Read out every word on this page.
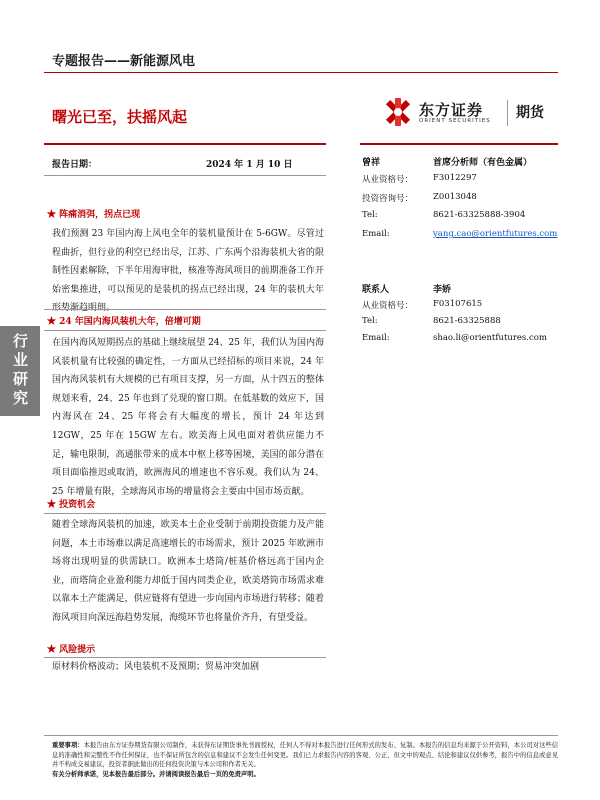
专题报告——新能源风电
曙光已至，扶摇风起	东方证券
ORIENT SECURITIES 期货
报告日期：	2024 年 1 月 10 日
行业研究
★ 阵痛消弭，拐点已现
我们预测 23 年国内海上风电全年的装机量预计在 5-6GW。尽管过程曲折，但行业的利空已经出尽，江苏、广东两个沿海装机大省的限制性因素解除，下半年用海审批，核准等海风项目的前期准备工作开始密集推进，可以预见的是装机的拐点已经出现，24 年的装机大年
★ 24 年国内海风装机大年，倍增可期
在国内海风短期拐点的基础上继续展望 24、25 年，我们认为国内海风装机量有比较强的确定性，一方面从已经招标的项目来说，24 年国内海风装机有大规模的已有项目支撑，另一方面，从十四五的整体规划来看，24、25 年也到了兑现的窗口期。在低基数的效应下，国内海风在 24、25 年将会有大幅度的增长，预计 24 年达到 12GW，25 年在 15GW 左右。欧美海上风电面对着供应能力不足，输电限制，高通胀带来的成本中枢上移等困境，美国的部分潜在项目面临推迟或取消，欧洲海风的增速也不容乐观。我们认为 24、25 年增量有限，全球海风市场的增量将会主要由中国市场贡献。
★ 投资机会
随着全球海风装机的加速，欧美本土企业受制于前期投资能力及产能问题，本土市场难以满足高速增长的市场需求，预计 2025 年欧洲市场将出现明显的供需缺口。欧洲本土塔筒/桩基价格远高于国内企业，而塔筒企业盈利能力却低于国内同类企业，欧美塔筒市场需求难以靠本土产能满足，供应链将有望进一步向国内市场进行转移；随着海风项目向深远海趋势发展，海缆环节也将量价齐升，有望受益。
★ 风险提示
原材料价格波动；风电装机不及预期；贸易冲突加剧
曾祥	首席分析师（有色金属）
从业资格号： F3012297
投资咨询号： Z0013048
Tel:	8621-63325888-3904
Email:	yang.cao@orientfutures.com
联系人	李娇
从业资格号： F03107615
Tel:	8621-63325888
Email:	shao.li@orientfutures.com
重要事项：本报告由东方证券期货有限公司制作，未获得东证期货事先书面授权，任何人不得对本报告进行任何形式的发布、复制。本报告的信息均来源于公开资料，本公司对这些信息的准确性和完整性不作任何保证，也不保证所包含的信息和建议不会发生任何变更。我们已力求报告内容的客观、公正，但文中的观点、结论和建议仅供参考，报告中的信息或意见并不构成交易建议，投资者据此做出的任何投资决策与本公司和作者无关。
有关分析师承诺，见本报告最后部分。并请阅读报告最后一页的免责声明。
